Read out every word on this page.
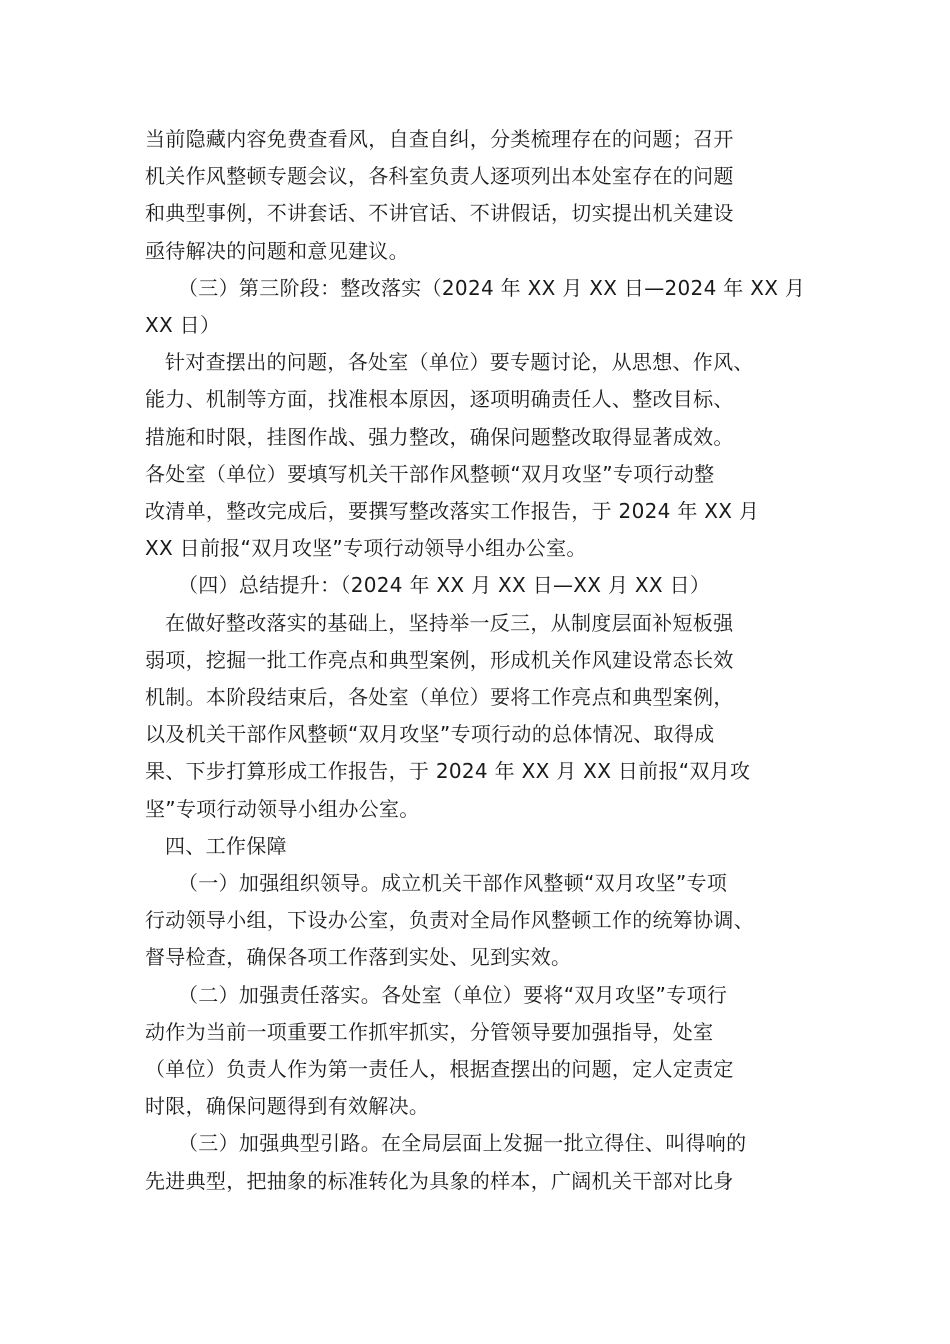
当前隐藏内容免费查看风，自查自纠，分类梳理存在的问题；召开

机关作风整顿专题会议，各科室负责人逐项列出本处室存在的问题

和典型事例，不讲套话、不讲官话、不讲假话，切实提出机关建设

亟待解决的问题和意见建议。

（三）第三阶段：整改落实（2024 年 XX 月 XX 日—2024 年 XX 月

XX 日）

针对查摆出的问题，各处室（单位）要专题讨论，从思想、作风、

能力、机制等方面，找准根本原因，逐项明确责任人、整改目标、

措施和时限，挂图作战、强力整改，确保问题整改取得显著成效。

各处室（单位）要填写机关干部作风整顿“双月攻坚”专项行动整

改清单，整改完成后，要撰写整改落实工作报告，于 2024 年 XX 月

XX 日前报“双月攻坚”专项行动领导小组办公室。

（四）总结提升：（2024 年 XX 月 XX 日—XX 月 XX 日）

在做好整改落实的基础上，坚持举一反三，从制度层面补短板强

弱项，挖掘一批工作亮点和典型案例，形成机关作风建设常态长效

机制。本阶段结束后，各处室（单位）要将工作亮点和典型案例，

以及机关干部作风整顿“双月攻坚”专项行动的总体情况、取得成

果、下步打算形成工作报告，于 2024 年 XX 月 XX 日前报“双月攻

坚”专项行动领导小组办公室。

四、工作保障

（一）加强组织领导。成立机关干部作风整顿“双月攻坚”专项

行动领导小组，下设办公室，负责对全局作风整顿工作的统筹协调、

督导检查，确保各项工作落到实处、见到实效。

（二）加强责任落实。各处室（单位）要将“双月攻坚”专项行

动作为当前一项重要工作抓牢抓实，分管领导要加强指导，处室

（单位）负责人作为第一责任人，根据查摆出的问题，定人定责定

时限，确保问题得到有效解决。

（三）加强典型引路。在全局层面上发掘一批立得住、叫得响的

先进典型，把抽象的标准转化为具象的样本，广阔机关干部对比身
